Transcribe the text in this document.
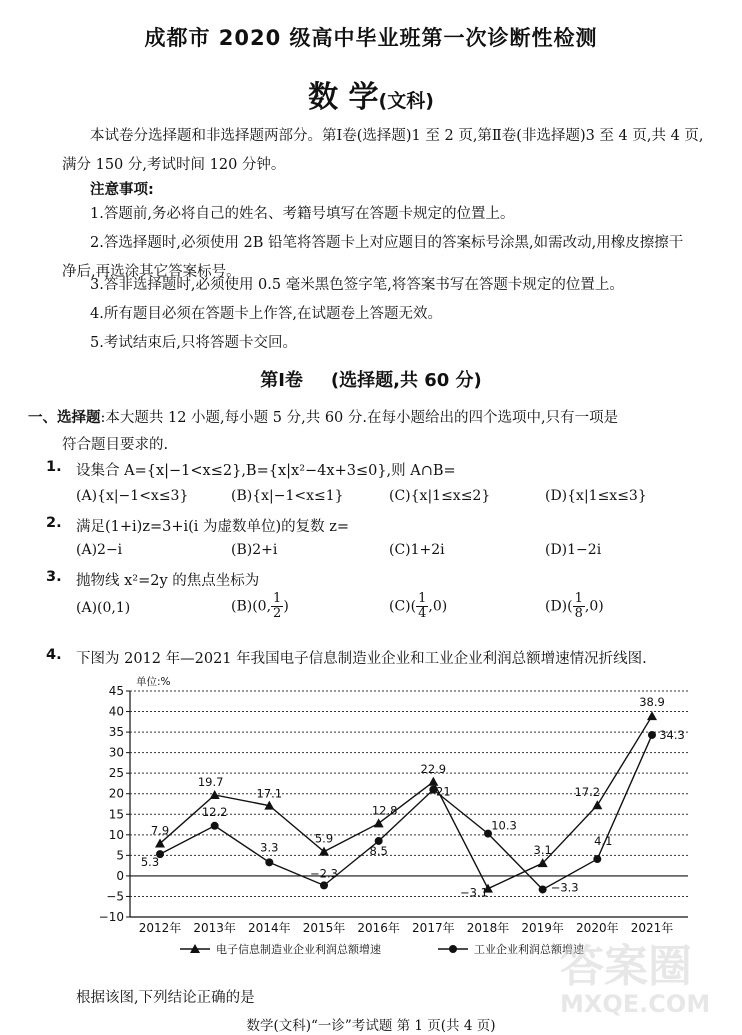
成都市 2020 级高中毕业班第一次诊断性检测
数 学(文科)
本试卷分选择题和非选择题两部分。第Ⅰ卷(选择题)1 至 2 页,第Ⅱ卷(非选择题)3 至 4 页,共 4 页,满分 150 分,考试时间 120 分钟。
注意事项:
1.答题前,务必将自己的姓名、考籍号填写在答题卡规定的位置上。
2.答选择题时,必须使用 2B 铅笔将答题卡上对应题目的答案标号涂黑,如需改动,用橡皮擦擦干净后,再选涂其它答案标号。
3.答非选择题时,必须使用 0.5 毫米黑色签字笔,将答案书写在答题卡规定的位置上。
4.所有题目必须在答题卡上作答,在试题卷上答题无效。
5.考试结束后,只将答题卡交回。
第Ⅰ卷 (选择题,共 60 分)
一、选择题:本大题共 12 小题,每小题 5 分,共 60 分.在每小题给出的四个选项中,只有一项是
符合题目要求的.
1. 设集合 A={x|−1<x≤2},B={x|x²−4x+3≤0},则 A∩B=
(A){x|−1<x≤3}	(B){x|−1<x≤1}	(C){x|1≤x≤2}	(D){x|1≤x≤3}
2. 满足(1+i)z=3+i(i 为虚数单位)的复数 z=
(A)2−i	(B)2+i	(C)1+2i	(D)1−2i
3. 抛物线 x²=2y 的焦点坐标为
(A)(0,1)	(B)(0, $\frac{1}{2}$ )	$(C)( \frac{1}{4} ,0)$	$(D)( \frac{1}{8} ,0)$
4. 下图为 2012 年—2021 年我国电子信息制造业企业和工业企业利润总额增速情况折线图.
45
40
35
30
25
20
15
10
5
0
−5
−10
单位:%
2012年 2013年 2014年 2015年 2016年 2017年 2018年 2019年 2020年 2021年
7.9
19.7
17.1
5.9
12.8
22.9
−3.1
3.1
17.2
38.9
5.3
12.2
3.3
−2.3
8.5
21
10.3
−3.3
4.1
34.3
电子信息制造业企业利润总额增速	工业企业利润总额增速
根据该图,下列结论正确的是
数学(文科)“一诊”考试题 第 1 页(共 4 页)
答案圈
MXQE.COM
